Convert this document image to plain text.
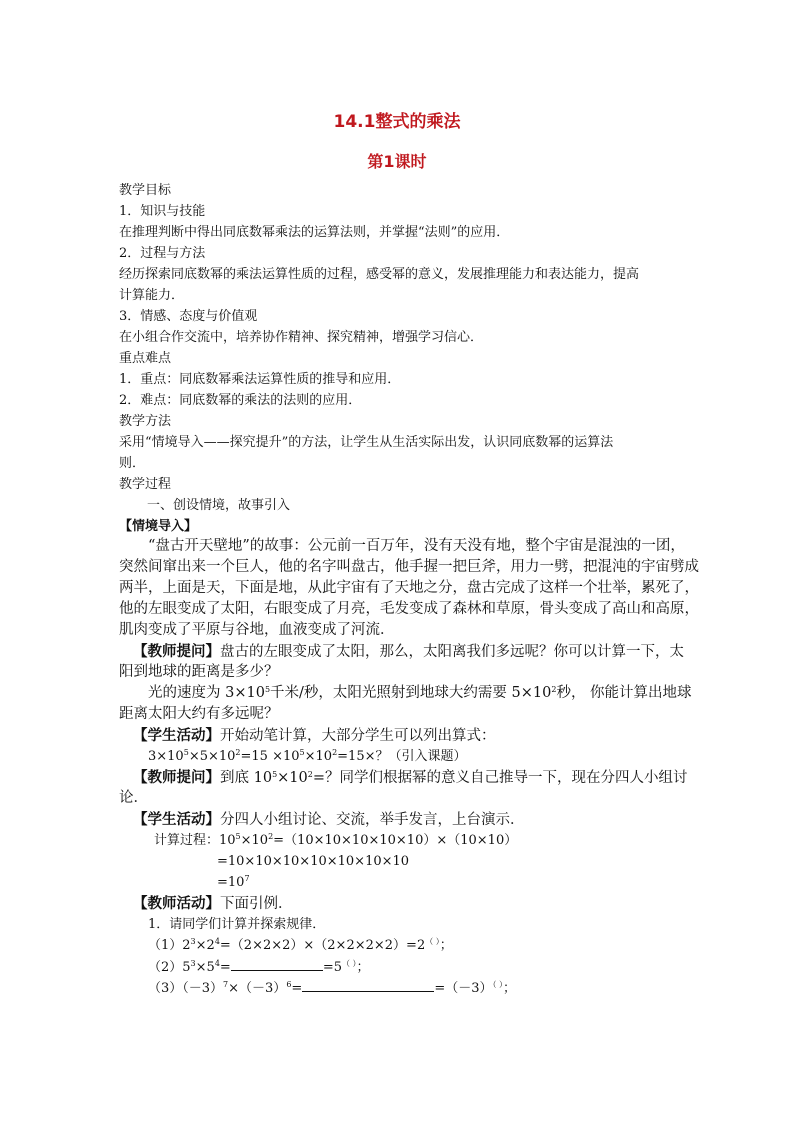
14.1整式的乘法
第1课时
教学目标
1．知识与技能
在推理判断中得出同底数幂乘法的运算法则，并掌握“法则”的应用．
2．过程与方法
经历探索同底数幂的乘法运算性质的过程，感受幂的意义，发展推理能力和表达能力，提高
计算能力．
3．情感、态度与价值观
在小组合作交流中，培养协作精神、探究精神，增强学习信心．
重点难点
1．重点：同底数幂乘法运算性质的推导和应用．
2．难点：同底数幂的乘法的法则的应用．
教学方法
采用“情境导入——探究提升”的方法，让学生从生活实际出发，认识同底数幂的运算法
则．
教学过程
一、创设情境，故事引入
【情境导入】
“盘古开天壁地”的故事：公元前一百万年，没有天没有地，整个宇宙是混浊的一团，
突然间窜出来一个巨人，他的名字叫盘古，他手握一把巨斧，用力一劈，把混沌的宇宙劈成
两半，上面是天，下面是地，从此宇宙有了天地之分，盘古完成了这样一个壮举，累死了，
他的左眼变成了太阳，右眼变成了月亮，毛发变成了森林和草原，骨头变成了高山和高原，
肌肉变成了平原与谷地，血液变成了河流．
【教师提问】盘古的左眼变成了太阳，那么，太阳离我们多远呢？你可以计算一下，太
阳到地球的距离是多少？
光的速度为 $3\times 10^5$千米/秒，太阳光照射到地球大约需要 $5\times 10^2$秒， 你能计算出地球
距离太阳大约有多远呢？
【学生活动】开始动笔计算，大部分学生可以列出算式：
$3\times 10^5\times 5\times 10^2=15 \times 10^5\times 10^2=15\times$？（引入课题）
【教师提问】到底 $10^5\times 10^2=$？同学们根据幂的意义自己推导一下，现在分四人小组讨
论．
【学生活动】分四人小组讨论、交流，举手发言，上台演示．
计算过程：$10^5\times 10^2=(10\times 10\times 10\times 10\times 10)\times(10\times 10)$
=10×10×10×10×10×10×10
$=10^7$
【教师活动】下面引例．
1．请同学们计算并探索规律．
$(1)2^3\times 2^4=(2\times 2\times 2)\times(2\times 2\times 2\times 2)=2^{( )}$；
$(2)5^3\times 5^4=$	=5（ ）；
$(3)(-3)^7\times(-3)^6=$	=（－3）（ ）；
